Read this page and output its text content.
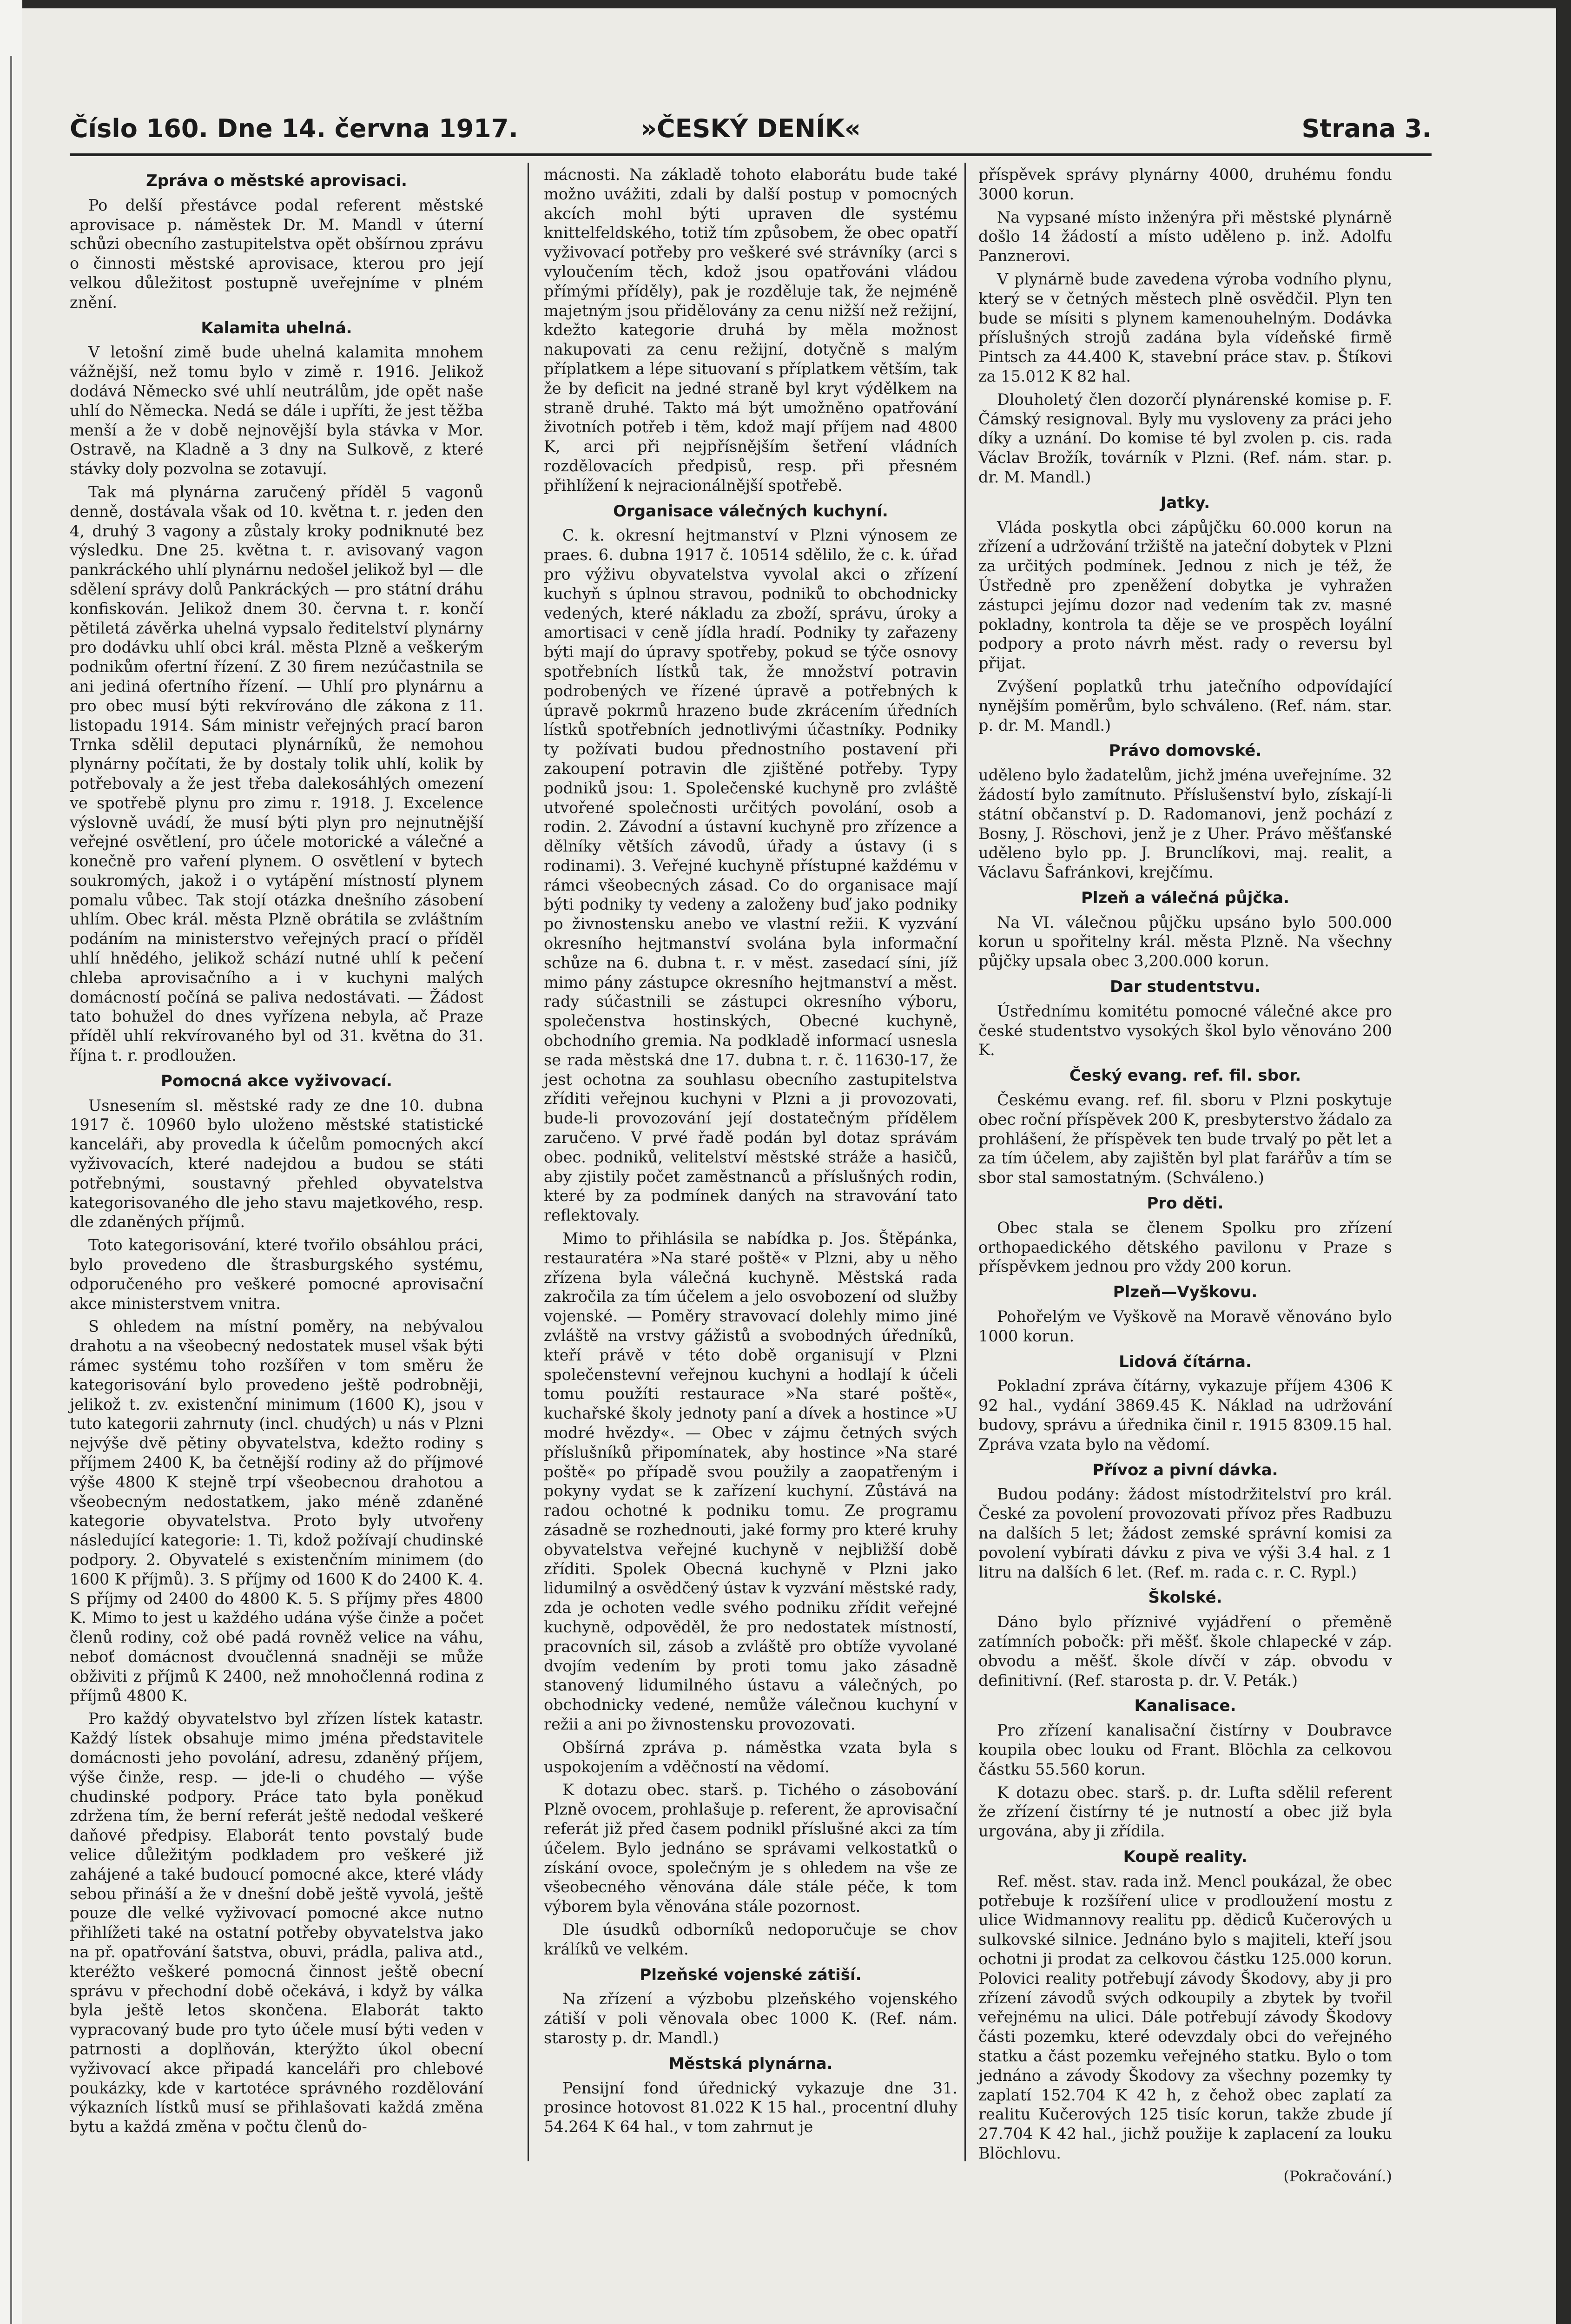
Číslo 160. Dne 14. června 1917.	»ČESKÝ DENÍK«	Strana 3.
Zpráva o městské aprovisaci.

Po delší přestávce podal referent městské aprovisace p. náměstek Dr. M. Mandl v úterní schůzi obecního zastupitelstva opět obšírnou zprávu o činnosti městské aprovisace, kterou pro její velkou důležitost postupně uveřejníme v plném znění.

Kalamita uhelná.

V letošní zimě bude uhelná kalamita mnohem vážnější, než tomu bylo v zimě r. 1916. Jelikož dodává Německo své uhlí neutrálům, jde opět naše uhlí do Německa. Nedá se dále i upříti, že jest těžba menší a že v době nejnovější byla stávka v Mor. Ostravě, na Kladně a 3 dny na Sulkově, z které stávky doly pozvolna se zotavují.

Tak má plynárna zaručený příděl 5 vagonů denně, dostávala však od 10. května t. r. jeden den 4, druhý 3 vagony a zůstaly kroky podniknuté bez výsledku. Dne 25. května t. r. avisovaný vagon pankráckého uhlí plynárnu nedošel jelikož byl — dle sdělení správy dolů Pankráckých — pro státní dráhu konfiskován. Jelikož dnem 30. června t. r. končí pětiletá závěrka uhelná vypsalo ředitelství plynárny pro dodávku uhlí obci král. města Plzně a veškerým podnikům ofertní řízení. Z 30 firem nezúčastnila se ani jediná ofertního řízení. — Uhlí pro plynárnu a pro obec musí býti rekvírováno dle zákona z 11. listopadu 1914. Sám ministr veřejných prací baron Trnka sdělil deputaci plynárníků, že nemohou plynárny počítati, že by dostaly tolik uhlí, kolik by potřebovaly a že jest třeba dalekosáhlých omezení ve spotřebě plynu pro zimu r. 1918. J. Excelence výslovně uvádí, že musí býti plyn pro nejnutnější veřejné osvětlení, pro účele motorické a válečné a konečně pro vaření plynem. O osvětlení v bytech soukromých, jakož i o vytápění místností plynem pomalu vůbec. Tak stojí otázka dnešního zásobení uhlím. Obec král. města Plzně obrátila se zvláštním podáním na ministerstvo veřejných prací o příděl uhlí hnědého, jelikož schází nutné uhlí k pečení chleba aprovisačního a i v kuchyni malých domácností počíná se paliva nedostávati. — Žádost tato bohužel do dnes vyřízena nebyla, ač Praze příděl uhlí rekvírovaného byl od 31. května do 31. října t. r. prodloužen.

Pomocná akce vyživovací.

Usnesením sl. městské rady ze dne 10. dubna 1917 č. 10960 bylo uloženo městské statistické kanceláři, aby provedla k účelům pomocných akcí vyživovacích, které nadejdou a budou se státi potřebnými, soustavný přehled obyvatelstva kategorisovaného dle jeho stavu majetkového, resp. dle zdaněných příjmů.

Toto kategorisování, které tvořilo obsáhlou práci, bylo provedeno dle štrasburgského systému, odporučeného pro veškeré pomocné aprovisační akce ministerstvem vnitra.

S ohledem na místní poměry, na nebývalou drahotu a na všeobecný nedostatek musel však býti rámec systému toho rozšířen v tom směru že kategorisování bylo provedeno ještě podrobněji, jelikož t. zv. existenční minimum (1600 K), jsou v tuto kategorii zahrnuty (incl. chudých) u nás v Plzni nejvýše dvě pětiny obyvatelstva, kdežto rodiny s příjmem 2400 K, ba četnější rodiny až do příjmové výše 4800 K stejně trpí všeobecnou drahotou a všeobecným nedostatkem, jako méně zdaněné kategorie obyvatelstva. Proto byly utvořeny následující kategorie: 1. Ti, kdož požívají chudinské podpory. 2. Obyvatelé s existenčním minimem (do 1600 K příjmů). 3. S příjmy od 1600 K do 2400 K. 4. S příjmy od 2400 do 4800 K. 5. S příjmy přes 4800 K. Mimo to jest u každého udána výše činže a počet členů rodiny, což obé padá rovněž velice na váhu, neboť domácnost dvoučlenná snadněji se může obživiti z příjmů K 2400, než mnohočlenná rodina z příjmů 4800 K.

Pro každý obyvatelstvo byl zřízen lístek katastr. Každý lístek obsahuje mimo jména představitele domácnosti jeho povolání, adresu, zdaněný příjem, výše činže, resp. — jde-li o chudého — výše chudinské podpory. Práce tato byla poněkud zdržena tím, že berní referát ještě nedodal veškeré daňové předpisy. Elaborát tento povstalý bude velice důležitým podkladem pro veškeré již zahájené a také budoucí pomocné akce, které vlády sebou přináší a že v dnešní době ještě vyvolá, ještě pouze dle velké vyživovací pomocné akce nutno přihlížeti také na ostatní potřeby obyvatelstva jako na př. opatřování šatstva, obuvi, prádla, paliva atd., kteréžto veškeré pomocná činnost ještě obecní správu v přechodní době očekává, i když by válka byla ještě letos skončena. Elaborát takto vypracovaný bude pro tyto účele musí býti veden v patrnosti a doplňován, kterýžto úkol obecní vyživovací akce připadá kanceláři pro chlebové poukázky, kde v kartotéce správného rozdělování výkazních lístků musí se přihlašovati každá změna bytu a každá změna v počtu členů do-

mácnosti. Na základě tohoto elaborátu bude také možno uvážiti, zdali by další postup v pomocných akcích mohl býti upraven dle systému knittelfeldského, totiž tím způsobem, že obec opatří vyživovací potřeby pro veškeré své strávníky (arci s vyloučením těch, kdož jsou opatřováni vládou přímými příděly), pak je rozděluje tak, že nejméně majetným jsou přidělovány za cenu nižší než režijní, kdežto kategorie druhá by měla možnost nakupovati za cenu režijní, dotyčně s malým příplatkem a lépe situovaní s příplatkem větším, tak že by deficit na jedné straně byl kryt výdělkem na straně druhé. Takto má být umožněno opatřování životních potřeb i těm, kdož mají příjem nad 4800 K, arci při nejpřísnějším šetření vládních rozdělovacích předpisů, resp. při přesném přihlížení k nejracionálnější spotřebě.

Organisace válečných kuchyní.

C. k. okresní hejtmanství v Plzni výnosem ze praes. 6. dubna 1917 č. 10514 sdělilo, že c. k. úřad pro výživu obyvatelstva vyvolal akci o zřízení kuchyň s úplnou stravou, podniků to obchodnicky vedených, které nákladu za zboží, správu, úroky a amortisaci v ceně jídla hradí. Podniky ty zařazeny býti mají do úpravy spotřeby, pokud se týče osnovy spotřebních lístků tak, že množství potravin podrobených ve řízené úpravě a potřebných k úpravě pokrmů hrazeno bude zkrácením úředních lístků spotřebních jednotlivými účastníky. Podniky ty požívati budou přednostního postavení při zakoupení potravin dle zjištěné potřeby. Typy podniků jsou: 1. Společenské kuchyně pro zvláště utvořené společnosti určitých povolání, osob a rodin. 2. Závodní a ústavní kuchyně pro zřízence a dělníky větších závodů, úřady a ústavy (i s rodinami). 3. Veřejné kuchyně přístupné každému v rámci všeobecných zásad. Co do organisace mají býti podniky ty vedeny a založeny buď jako podniky po živnostensku anebo ve vlastní režii. K vyzvání okresního hejtmanství svolána byla informační schůze na 6. dubna t. r. v měst. zasedací síni, jíž mimo pány zástupce okresního hejtmanství a měst. rady súčastnili se zástupci okresního výboru, společenstva hostinských, Obecné kuchyně, obchodního gremia. Na podkladě informací usnesla se rada městská dne 17. dubna t. r. č. 11630-17, že jest ochotna za souhlasu obecního zastupitelstva zříditi veřejnou kuchyni v Plzni a ji provozovati, bude-li provozování její dostatečným přídělem zaručeno. V prvé řadě podán byl dotaz správám obec. podniků, velitelství městské stráže a hasičů, aby zjistily počet zaměstnanců a příslušných rodin, které by za podmínek daných na stravování tato reflektovaly.

Mimo to přihlásila se nabídka p. Jos. Štěpánka, restauratéra »Na staré poště« v Plzni, aby u něho zřízena byla válečná kuchyně. Městská rada zakročila za tím účelem a jelo osvobození od služby vojenské. — Poměry stravovací dolehly mimo jiné zvláště na vrstvy gážistů a svobodných úředníků, kteří právě v této době organisují v Plzni společenstevní veřejnou kuchyni a hodlají k účeli tomu použíti restaurace »Na staré poště«, kuchařské školy jednoty paní a dívek a hostince »U modré hvězdy«. — Obec v zájmu četných svých příslušníků připomínatek, aby hostince »Na staré poště« po případě svou použily a zaopatřeným i pokyny vydat se k zařízení kuchyní. Zůstává na radou ochotné k podniku tomu. Ze programu zásadně se rozhednouti, jaké formy pro které kruhy obyvatelstva veřejné kuchyně v nejbližší době zříditi. Spolek Obecná kuchyně v Plzni jako lidumilný a osvědčený ústav k vyzvání městské rady, zda je ochoten vedle svého podniku zřídit veřejné kuchyně, odpověděl, že pro nedostatek místností, pracovních sil, zásob a zvláště pro obtíže vyvolané dvojím vedením by proti tomu jako zásadně stanovený lidumilného ústavu a válečných, po obchodnicky vedené, nemůže válečnou kuchyní v režii a ani po živnostensku provozovati.

Obšírná zpráva p. náměstka vzata byla s uspokojením a vděčností na vědomí.

K dotazu obec. starš. p. Tichého o zásobování Plzně ovocem, prohlašuje p. referent, že aprovisační referát již před časem podnikl příslušné akci za tím účelem. Bylo jednáno se správami velkostatků o získání ovoce, společným je s ohledem na vše ze všeobecného věnována dále stále péče, k tom výborem byla věnována stále pozornost.

Dle úsudků odborníků nedoporučuje se chov králíků ve velkém.

Plzeňské vojenské zátiší.

Na zřízení a výzbobu plzeňského vojenského zátiší v poli věnovala obec 1000 K. (Ref. nám. starosty p. dr. Mandl.)

Městská plynárna.

Pensijní fond úřednický vykazuje dne 31. prosince hotovost 81.022 K 15 hal., procentní dluhy 54.264 K 64 hal., v tom zahrnut je

příspěvek správy plynárny 4000, druhému fondu 3000 korun.

Na vypsané místo inženýra při městské plynárně došlo 14 žádostí a místo uděleno p. inž. Adolfu Panznerovi.

V plynárně bude zavedena výroba vodního plynu, který se v četných městech plně osvědčil. Plyn ten bude se mísiti s plynem kamenouhelným. Dodávka příslušných strojů zadána byla vídeňské firmě Pintsch za 44.400 K, stavební práce stav. p. Štíkovi za 15.012 K 82 hal.

Dlouholetý člen dozorčí plynárenské komise p. F. Čámský resignoval. Byly mu vysloveny za práci jeho díky a uznání. Do komise té byl zvolen p. cis. rada Václav Brožík, továrník v Plzni. (Ref. nám. star. p. dr. M. Mandl.)

Jatky.

Vláda poskytla obci zápůjčku 60.000 korun na zřízení a udržování tržiště na jateční dobytek v Plzni za určitých podmínek. Jednou z nich je též, že Ústředně pro zpeněžení dobytka je vyhražen zástupci jejímu dozor nad vedením tak zv. masné pokladny, kontrola ta děje se ve prospěch loyální podpory a proto návrh měst. rady o reversu byl přijat.

Zvýšení poplatků trhu jatečního odpovídající nynějším poměrům, bylo schváleno. (Ref. nám. star. p. dr. M. Mandl.)

Právo domovské.

uděleno bylo žadatelům, jichž jména uveřejníme. 32 žádostí bylo zamítnuto. Příslušenství bylo, získají-li státní občanství p. D. Radomanovi, jenž pochází z Bosny, J. Röschovi, jenž je z Uher. Právo měšťanské uděleno bylo pp. J. Brunclíkovi, maj. realit, a Václavu Šafránkovi, krejčímu.

Plzeň a válečná půjčka.

Na VI. válečnou půjčku upsáno bylo 500.000 korun u spořitelny král. města Plzně. Na všechny půjčky upsala obec 3,200.000 korun.

Dar studentstvu.

Ústřednímu komitétu pomocné válečné akce pro české studentstvo vysokých škol bylo věnováno 200 K.

Český evang. ref. fil. sbor.

Českému evang. ref. fil. sboru v Plzni poskytuje obec roční příspěvek 200 K, presbyterstvo žádalo za prohlášení, že příspěvek ten bude trvalý po pět let a za tím účelem, aby zajištěn byl plat farářův a tím se sbor stal samostatným. (Schváleno.)

Pro děti.

Obec stala se členem Spolku pro zřízení orthopaedického dětského pavilonu v Praze s příspěvkem jednou pro vždy 200 korun.

Plzeň—Vyškovu.

Pohořelým ve Vyškově na Moravě věnováno bylo 1000 korun.

Lidová čítárna.

Pokladní zpráva čítárny, vykazuje příjem 4306 K 92 hal., vydání 3869.45 K. Náklad na udržování budovy, správu a úřednika činil r. 1915 8309.15 hal. Zpráva vzata bylo na vědomí.

Přívoz a pivní dávka.

Budou podány: žádost místodržitelství pro král. České za povolení provozovati přívoz přes Radbuzu na dalších 5 let; žádost zemské správní komisi za povolení vybírati dávku z piva ve výši 3.4 hal. z 1 litru na dalších 6 let. (Ref. m. rada c. r. C. Rypl.)

Školské.

Dáno bylo příznivé vyjádření o přeměně zatímních pobočk: při měšť. škole chlapecké v záp. obvodu a měšť. škole dívčí v záp. obvodu v definitivní. (Ref. starosta p. dr. V. Peták.)

Kanalisace.

Pro zřízení kanalisační čistírny v Doubravce koupila obec louku od Frant. Blöchla za celkovou částku 55.560 korun.

K dotazu obec. starš. p. dr. Lufta sdělil referent že zřízení čistírny té je nutností a obec již byla urgována, aby ji zřídila.

Koupě reality.

Ref. měst. stav. rada inž. Mencl poukázal, že obec potřebuje k rozšíření ulice v prodloužení mostu z ulice Widmannovy realitu pp. dědiců Kučerových u sulkovské silnice. Jednáno bylo s majiteli, kteří jsou ochotni ji prodat za celkovou částku 125.000 korun. Polovici reality potřebují závody Škodovy, aby ji pro zřízení závodů svých odkoupily a zbytek by tvořil veřejnému na ulici. Dále potřebují závody Škodovy části pozemku, které odevzdaly obci do veřejného statku a část pozemku veřejného statku. Bylo o tom jednáno a závody Škodovy za všechny pozemky ty zaplatí 152.704 K 42 h, z čehož obec zaplatí za realitu Kučerových 125 tisíc korun, takže zbude jí 27.704 K 42 hal., jichž použije k zaplacení za louku Blöchlovu.

(Pokračování.)
